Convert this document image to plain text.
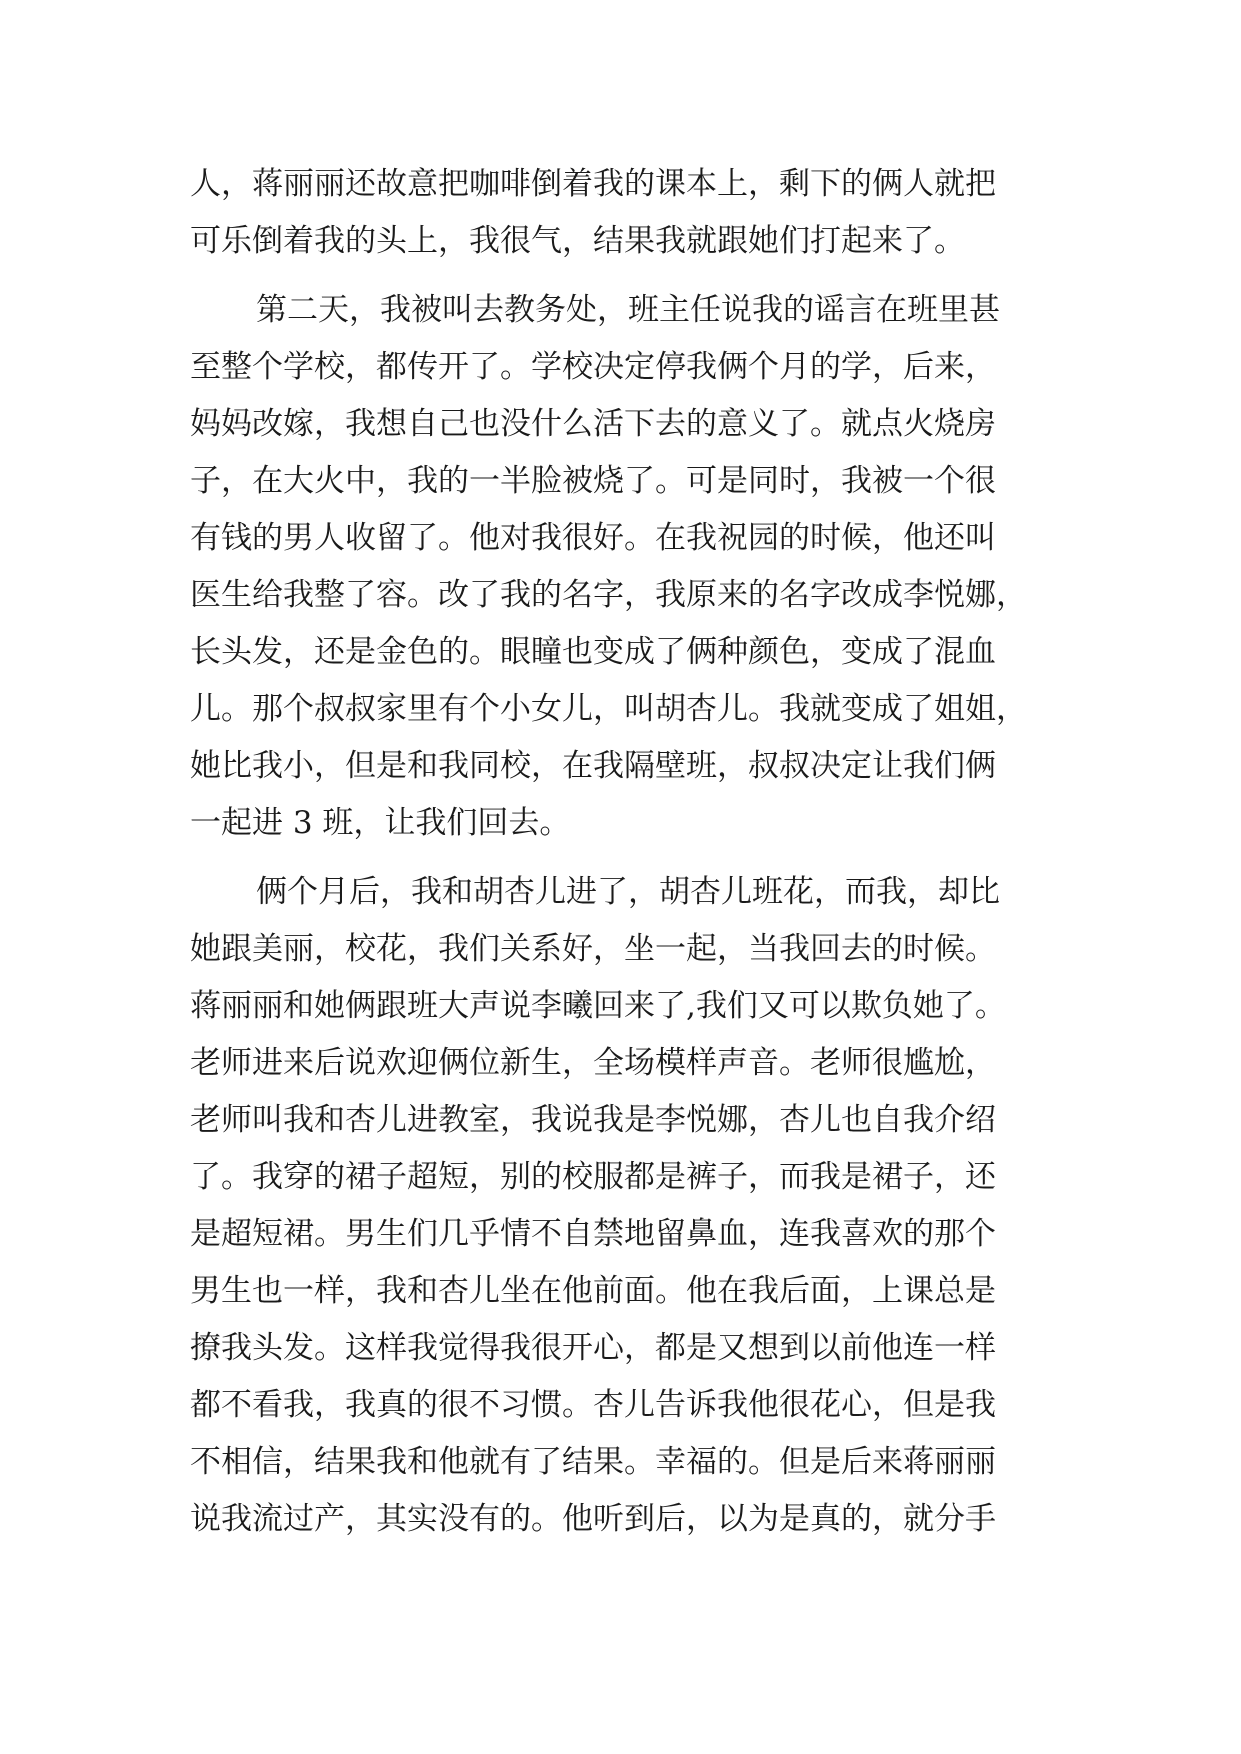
人，蒋丽丽还故意把咖啡倒着我的课本上，剩下的俩人就把
可乐倒着我的头上，我很气，结果我就跟她们打起来了。
第二天，我被叫去教务处，班主任说我的谣言在班里甚
至整个学校，都传开了。学校决定停我俩个月的学，后来，
妈妈改嫁，我想自己也没什么活下去的意义了。就点火烧房
子，在大火中，我的一半脸被烧了。可是同时，我被一个很
有钱的男人收留了。他对我很好。在我祝园的时候，他还叫
医生给我整了容。改了我的名字，我原来的名字改成李悦娜，
长头发，还是金色的。眼瞳也变成了俩种颜色，变成了混血
儿。那个叔叔家里有个小女儿，叫胡杏儿。我就变成了姐姐，
她比我小，但是和我同校，在我隔壁班，叔叔决定让我们俩
一起进 3 班，让我们回去。
俩个月后，我和胡杏儿进了，胡杏儿班花，而我，却比
她跟美丽，校花，我们关系好，坐一起，当我回去的时候。
蒋丽丽和她俩跟班大声说李曦回来了,我们又可以欺负她了。
老师进来后说欢迎俩位新生，全场模样声音。老师很尴尬，
老师叫我和杏儿进教室，我说我是李悦娜，杏儿也自我介绍
了。我穿的裙子超短，别的校服都是裤子，而我是裙子，还
是超短裙。男生们几乎情不自禁地留鼻血，连我喜欢的那个
男生也一样，我和杏儿坐在他前面。他在我后面，上课总是
撩我头发。这样我觉得我很开心，都是又想到以前他连一样
都不看我，我真的很不习惯。杏儿告诉我他很花心，但是我
不相信，结果我和他就有了结果。幸福的。但是后来蒋丽丽
说我流过产，其实没有的。他听到后，以为是真的，就分手
